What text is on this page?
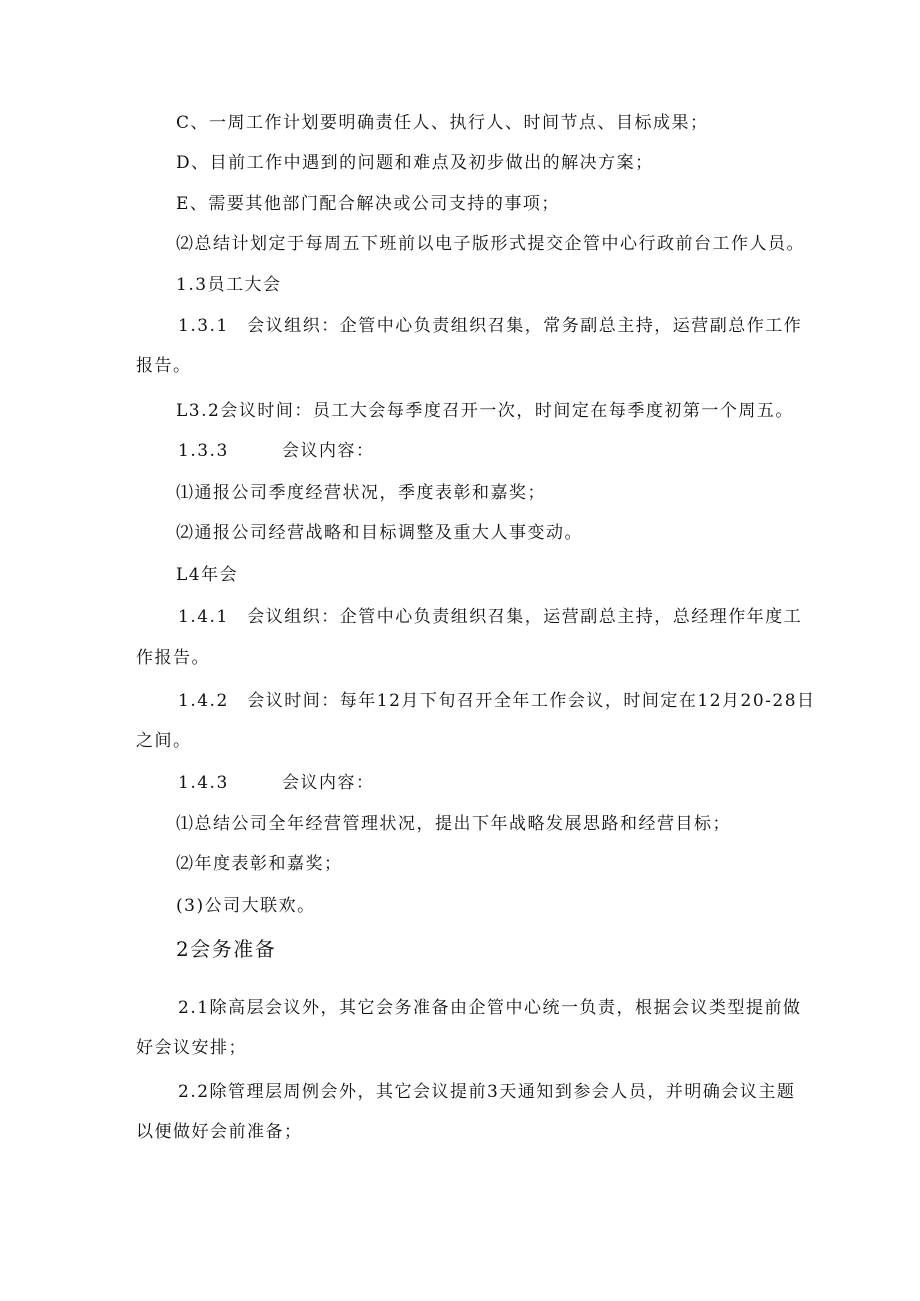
C、一周工作计划要明确责任人、执行人、时间节点、目标成果；
D、目前工作中遇到的问题和难点及初步做出的解决方案；
E、需要其他部门配合解决或公司支持的事项；
⑵总结计划定于每周五下班前以电子版形式提交企管中心行政前台工作人员。
1.3员工大会
1.3.1　会议组织：企管中心负责组织召集，常务副总主持，运营副总作工作
报告。
L3.2会议时间：员工大会每季度召开一次，时间定在每季度初第一个周五。
1.3.3	会议内容：
⑴通报公司季度经营状况，季度表彰和嘉奖；
⑵通报公司经营战略和目标调整及重大人事变动。
L4年会
1.4.1　会议组织：企管中心负责组织召集，运营副总主持，总经理作年度工
作报告。
1.4.2　会议时间：每年12月下旬召开全年工作会议，时间定在12月20-28日
之间。
1.4.3	会议内容：
⑴总结公司全年经营管理状况，提出下年战略发展思路和经营目标；
⑵年度表彰和嘉奖；
(3)公司大联欢。
2会务准备
2.1除高层会议外，其它会务准备由企管中心统一负责，根据会议类型提前做
好会议安排；
2.2除管理层周例会外，其它会议提前3天通知到参会人员，并明确会议主题
以便做好会前准备；
